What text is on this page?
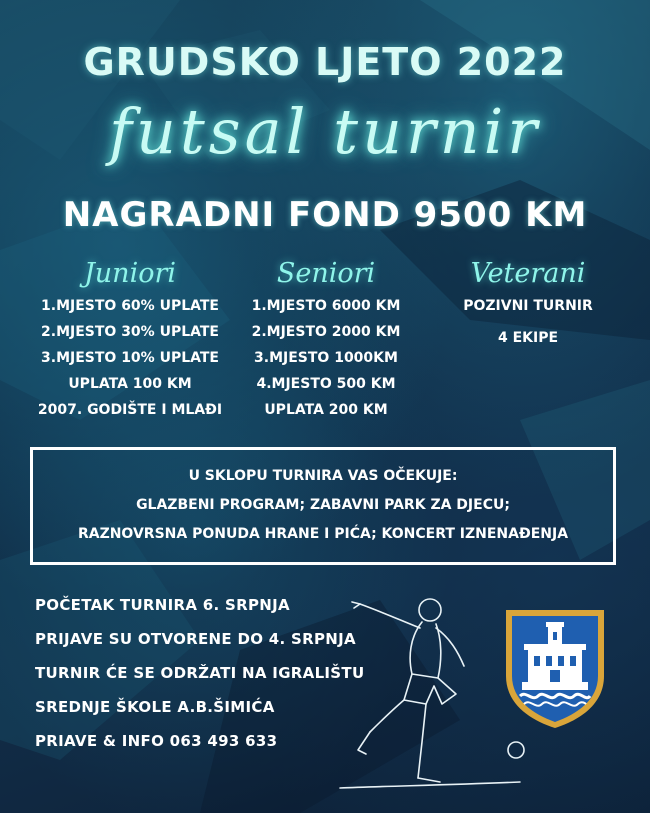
GRUDSKO LJETO 2022
futsal turnir
NAGRADNI FOND 9500 KM
Juniori
1.MJESTO 60% UPLATE
2.MJESTO 30% UPLATE
3.MJESTO 10% UPLATE
UPLATA 100 KM
2007. GODIŠTE I MLAĐI
Seniori
1.MJESTO 6000 KM
2.MJESTO 2000 KM
3.MJESTO 1000KM
4.MJESTO 500 KM
UPLATA 200 KM
Veterani
POZIVNI TURNIR
4 EKIPE
U SKLOPU TURNIRA VAS OČEKUJE:
GLAZBENI PROGRAM; ZABAVNI PARK ZA DJECU;
RAZNOVRSNA PONUDA HRANE I PIĆA; KONCERT IZNENAĐENJA
POČETAK TURNIRA 6. SRPNJA
PRIJAVE SU OTVORENE DO 4. SRPNJA
TURNIR ĆE SE ODRŽATI NA IGRALIŠTU
SREDNJE ŠKOLE A.B.ŠIMIĆA
PRIAVE & INFO 063 493 633
